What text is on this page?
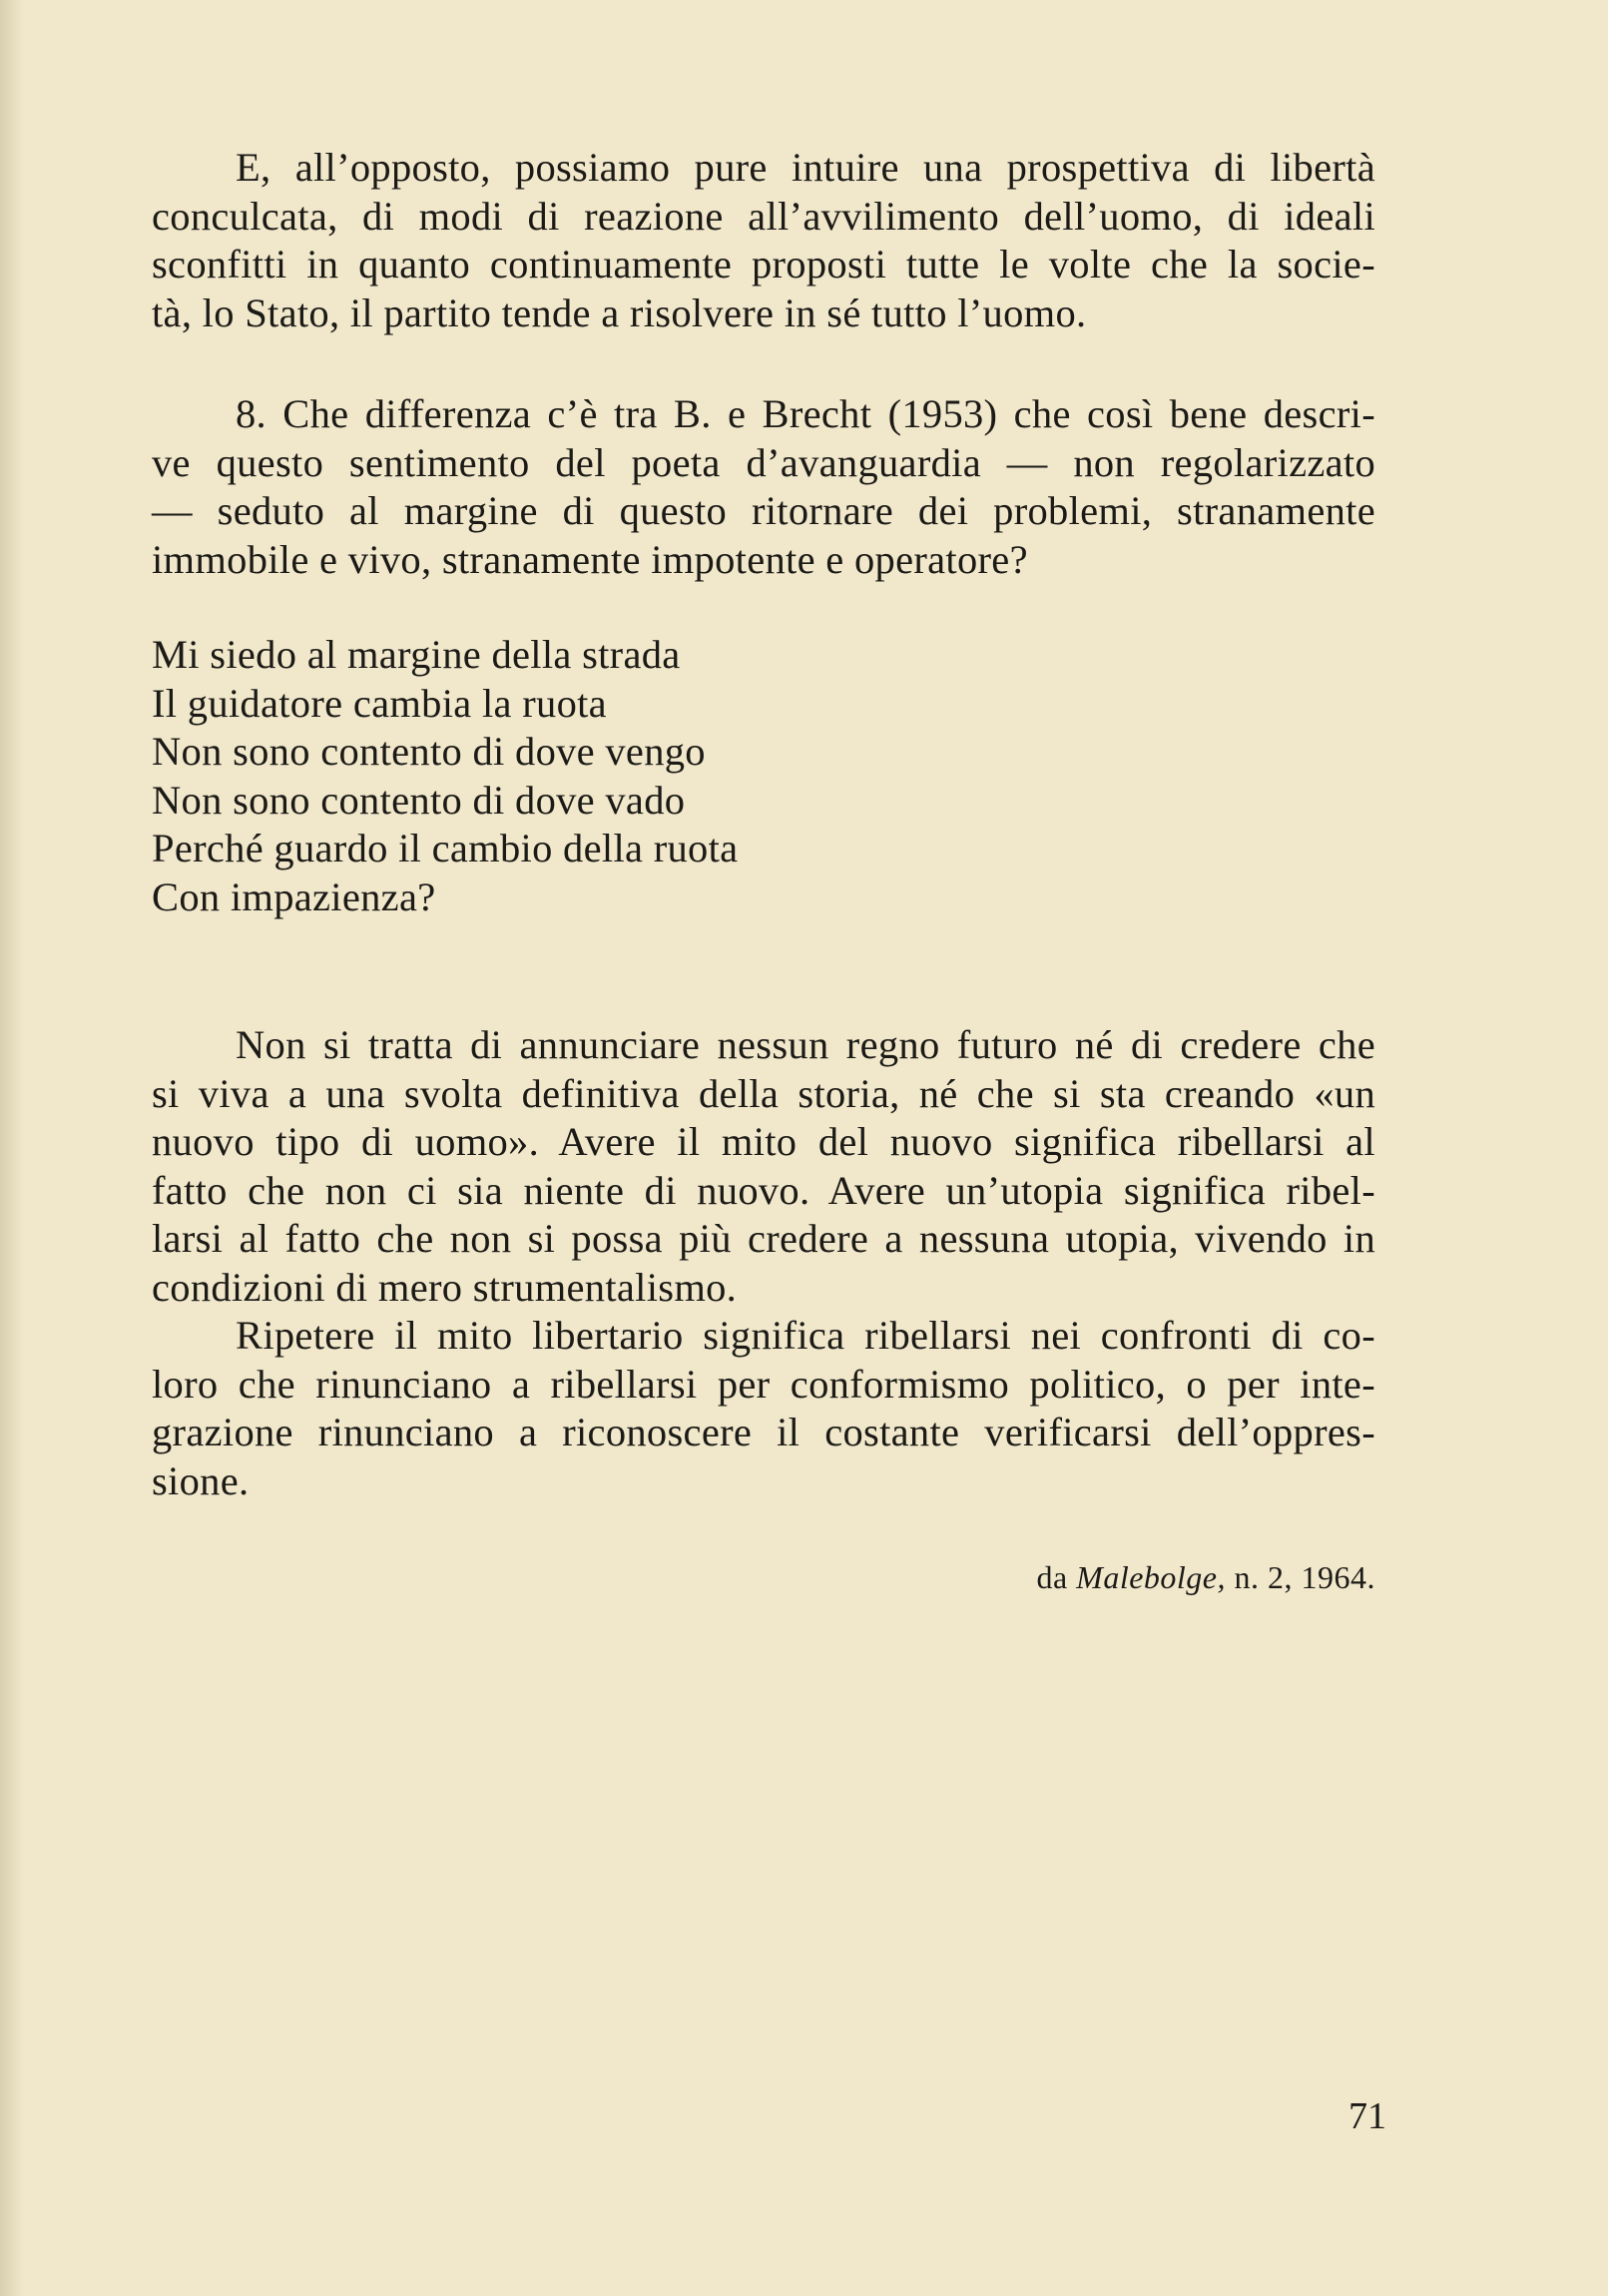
E, all’opposto, possiamo pure intuire una prospettiva di libertà
conculcata, di modi di reazione all’avvilimento dell’uomo, di ideali
sconfitti in quanto continuamente proposti tutte le volte che la socie-
tà, lo Stato, il partito tende a risolvere in sé tutto l’uomo.
8. Che differenza c’è tra B. e Brecht (1953) che così bene descri-
ve questo sentimento del poeta d’avanguardia — non regolarizzato
— seduto al margine di questo ritornare dei problemi, stranamente
immobile e vivo, stranamente impotente e operatore?
Mi siedo al margine della strada
Il guidatore cambia la ruota
Non sono contento di dove vengo
Non sono contento di dove vado
Perché guardo il cambio della ruota
Con impazienza?
Non si tratta di annunciare nessun regno futuro né di credere che
si viva a una svolta definitiva della storia, né che si sta creando «un
nuovo tipo di uomo». Avere il mito del nuovo significa ribellarsi al
fatto che non ci sia niente di nuovo. Avere un’utopia significa ribel-
larsi al fatto che non si possa più credere a nessuna utopia, vivendo in
condizioni di mero strumentalismo.
Ripetere il mito libertario significa ribellarsi nei confronti di co-
loro che rinunciano a ribellarsi per conformismo politico, o per inte-
grazione rinunciano a riconoscere il costante verificarsi dell’oppres-
sione.
da Malebolge, n. 2, 1964.
71
